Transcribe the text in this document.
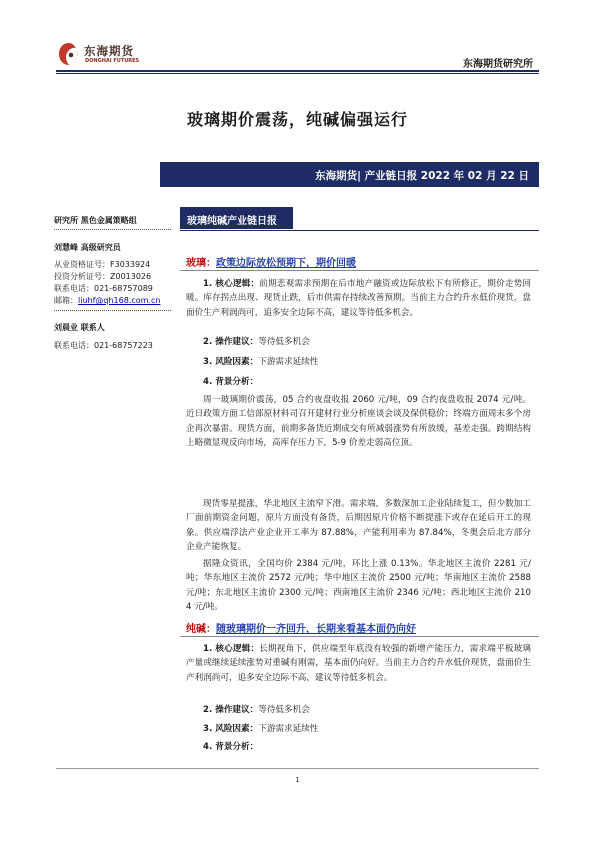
东海期货
DONGHAI FUTURES	东海期货研究所
玻璃期价震荡，纯碱偏强运行
东海期货| 产业链日报 2022 年 02 月 22 日
研究所 黑色金属策略组
刘慧峰 高级研究员
从业资格证号：F3033924
投资分析证号：Z0013026
联系电话：021-68757089
邮箱：liuhf@qh168.com.cn
刘晨业 联系人
联系电话：021-68757223
玻璃纯碱产业链日报
玻璃：政策边际放松预期下，期价回暖
1. 核心逻辑：前期悲观需求预期在后市地产融资或边际放松下有所修正，期价走势回暖。库存拐点出现、现货止跌，后市供需存持续改善预期。当前主力合约升水低价现货，盘面价生产利润尚可，追多安全边际不高，建议等待低多机会。
2. 操作建议：等待低多机会
3. 风险因素：下游需求延续性
4. 背景分析：
周一玻璃期价震荡，05 合约夜盘收报 2060 元/吨，09 合约夜盘收报 2074 元/吨。近日政策方面工信部原材料司召开建材行业分析座谈会谈及保供稳价；终端方面周末多个房企再次暴雷。现货方面，前期多备货近期成交有所减弱涨势有所放缓，基差走强。跨期结构上略微显现反向市场，高库存压力下，5-9 价差走弱高位顶。
现货零星提涨，华北地区主流窄下滑。需求端，多数深加工企业陆续复工，但少数加工厂面前期资金问题，原片方面没有备货，后期因原片价格不断提涨下或存在延后开工的现象。供应端浮法产业企业开工率为 87.88%，产能利用率为 87.84%，冬奥会后北方部分企业产能恢复。
据隆众资讯，全国均价 2384 元/吨，环比上涨 0.13%。华北地区主流价 2281 元/吨；华东地区主流价 2572 元/吨；华中地区主流价 2500 元/吨；华南地区主流价 2588 元/吨；东北地区主流价 2300 元/吨；西南地区主流价 2346 元/吨；西北地区主流价 2104 元/吨。
纯碱：随玻璃期价一齐回升，长期来看基本面仍向好
1. 核心逻辑：长期视角下，供应端至年底没有较强的新增产能压力，需求端平板玻璃产量或继续延续涨势对重碱有刚需，基本面仍向好。当前主力合约升水低价现货，盘面价生产利润尚可，追多安全边际不高，建议等待低多机会。
2. 操作建议：等待低多机会
3. 风险因素：下游需求延续性
4. 背景分析：
1
